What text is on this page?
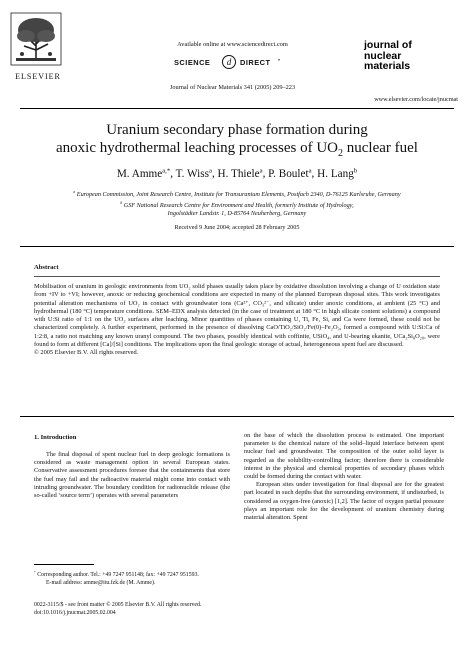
ELSEVIER
Available online at www.sciencedirect.com
SCIENCE d DIRECT •
Journal of Nuclear Materials 341 (2005) 209–223
journal of
nuclear
materials
www.elsevier.com/locate/jnucmat
Uranium secondary phase formation during
anoxic hydrothermal leaching processes of $UO_2$ nuclear fuel
M. Amme$^{a,*}$, T. Wiss$^a$, H. Thiele$^a$, P. Boulet$^a$, H. Lang$^b$
$^a$ European Commission, Joint Research Centre, Institute for Transuranium Elements, Postfach 2340, D-76125 Karlsruhe, Germany
$^b$ GSF National Research Centre for Environment and Health, formerly Institute of Hydrology,
Ingolstädter Landstr. 1, D-85764 Neuherberg, Germany
Received 9 June 2004; accepted 28 February 2005
Abstract

Mobilisation of uranium in geologic environments from UO₂ solid phases usually takes place by oxidative dissolution involving a change of U oxidation state from +IV to +VI; however, anoxic or reducing geochemical conditions are expected in many of the planned European disposal sites. This work investigates potential alteration mechanisms of UO₂ in contact with groundwater ions (Ca²⁺, CO₃²⁻, and silicate) under anoxic conditions, at ambient (25 °C) and hydrothermal (180 °C) temperature conditions. SEM–EDX analysis detected (in the case of treatment at 180 °C in high silicate content solutions) a compound with U:Si ratio of 1:1 on the UO₂ surfaces after leaching. Minor quantities of phases containing U, Ti, Fe, Si, and Ca were formed, these could not be characterized completely. A further experiment, performed in the presence of dissolving CaO/TiO₂/SiO₂/Fe(0)–Fe₂O₃, formed a compound with U:Si:Ca of 1:2:8, a ratio not matching any known uranyl compound. The two phases, possibly identical with coffinite, USiO₄, and U-bearing ekanite, UCa₂Si₈O₂₀, were found to form at different [Ca]/[Si] conditions. The implications upon the final geologic storage of actual, heterogeneous spent fuel are discussed.

© 2005 Elsevier B.V. All rights reserved.

1. Introduction

The final disposal of spent nuclear fuel in deep geologic formations is considered as waste management option in several European states. Conservative assessment procedures foresee that the containments that store the fuel may fail and the radioactive material might come into contact with intruding groundwater. The boundary condition for radionuclide release (the so-called ‘source term’) operates with several parameters

on the base of which the dissolution process is estimated. One important parameter is the chemical nature of the solid–liquid interface between spent nuclear fuel and groundwater. The composition of the outer solid layer is regarded as the solubility-controlling factor; therefore there is considerable interest in the physical and chemical properties of secondary phases which could be formed during the contact with water.

European sites under investigation for final disposal are for the greatest part located in such depths that the surrounding environment, if undisturbed, is considered as oxygen-free (anoxic) [1,2]. The factor of oxygen partial pressure plays an important role for the development of uranium chemistry during material alteration. Spent

* Corresponding author. Tel.: +49 7247 951148; fax: +49 7247 951593.
E-mail address: amme@itu.fzk.de (M. Amme).
0022-3115/$ - see front matter © 2005 Elsevier B.V. All rights reserved.
doi:10.1016/j.jnucmat.2005.02.004
